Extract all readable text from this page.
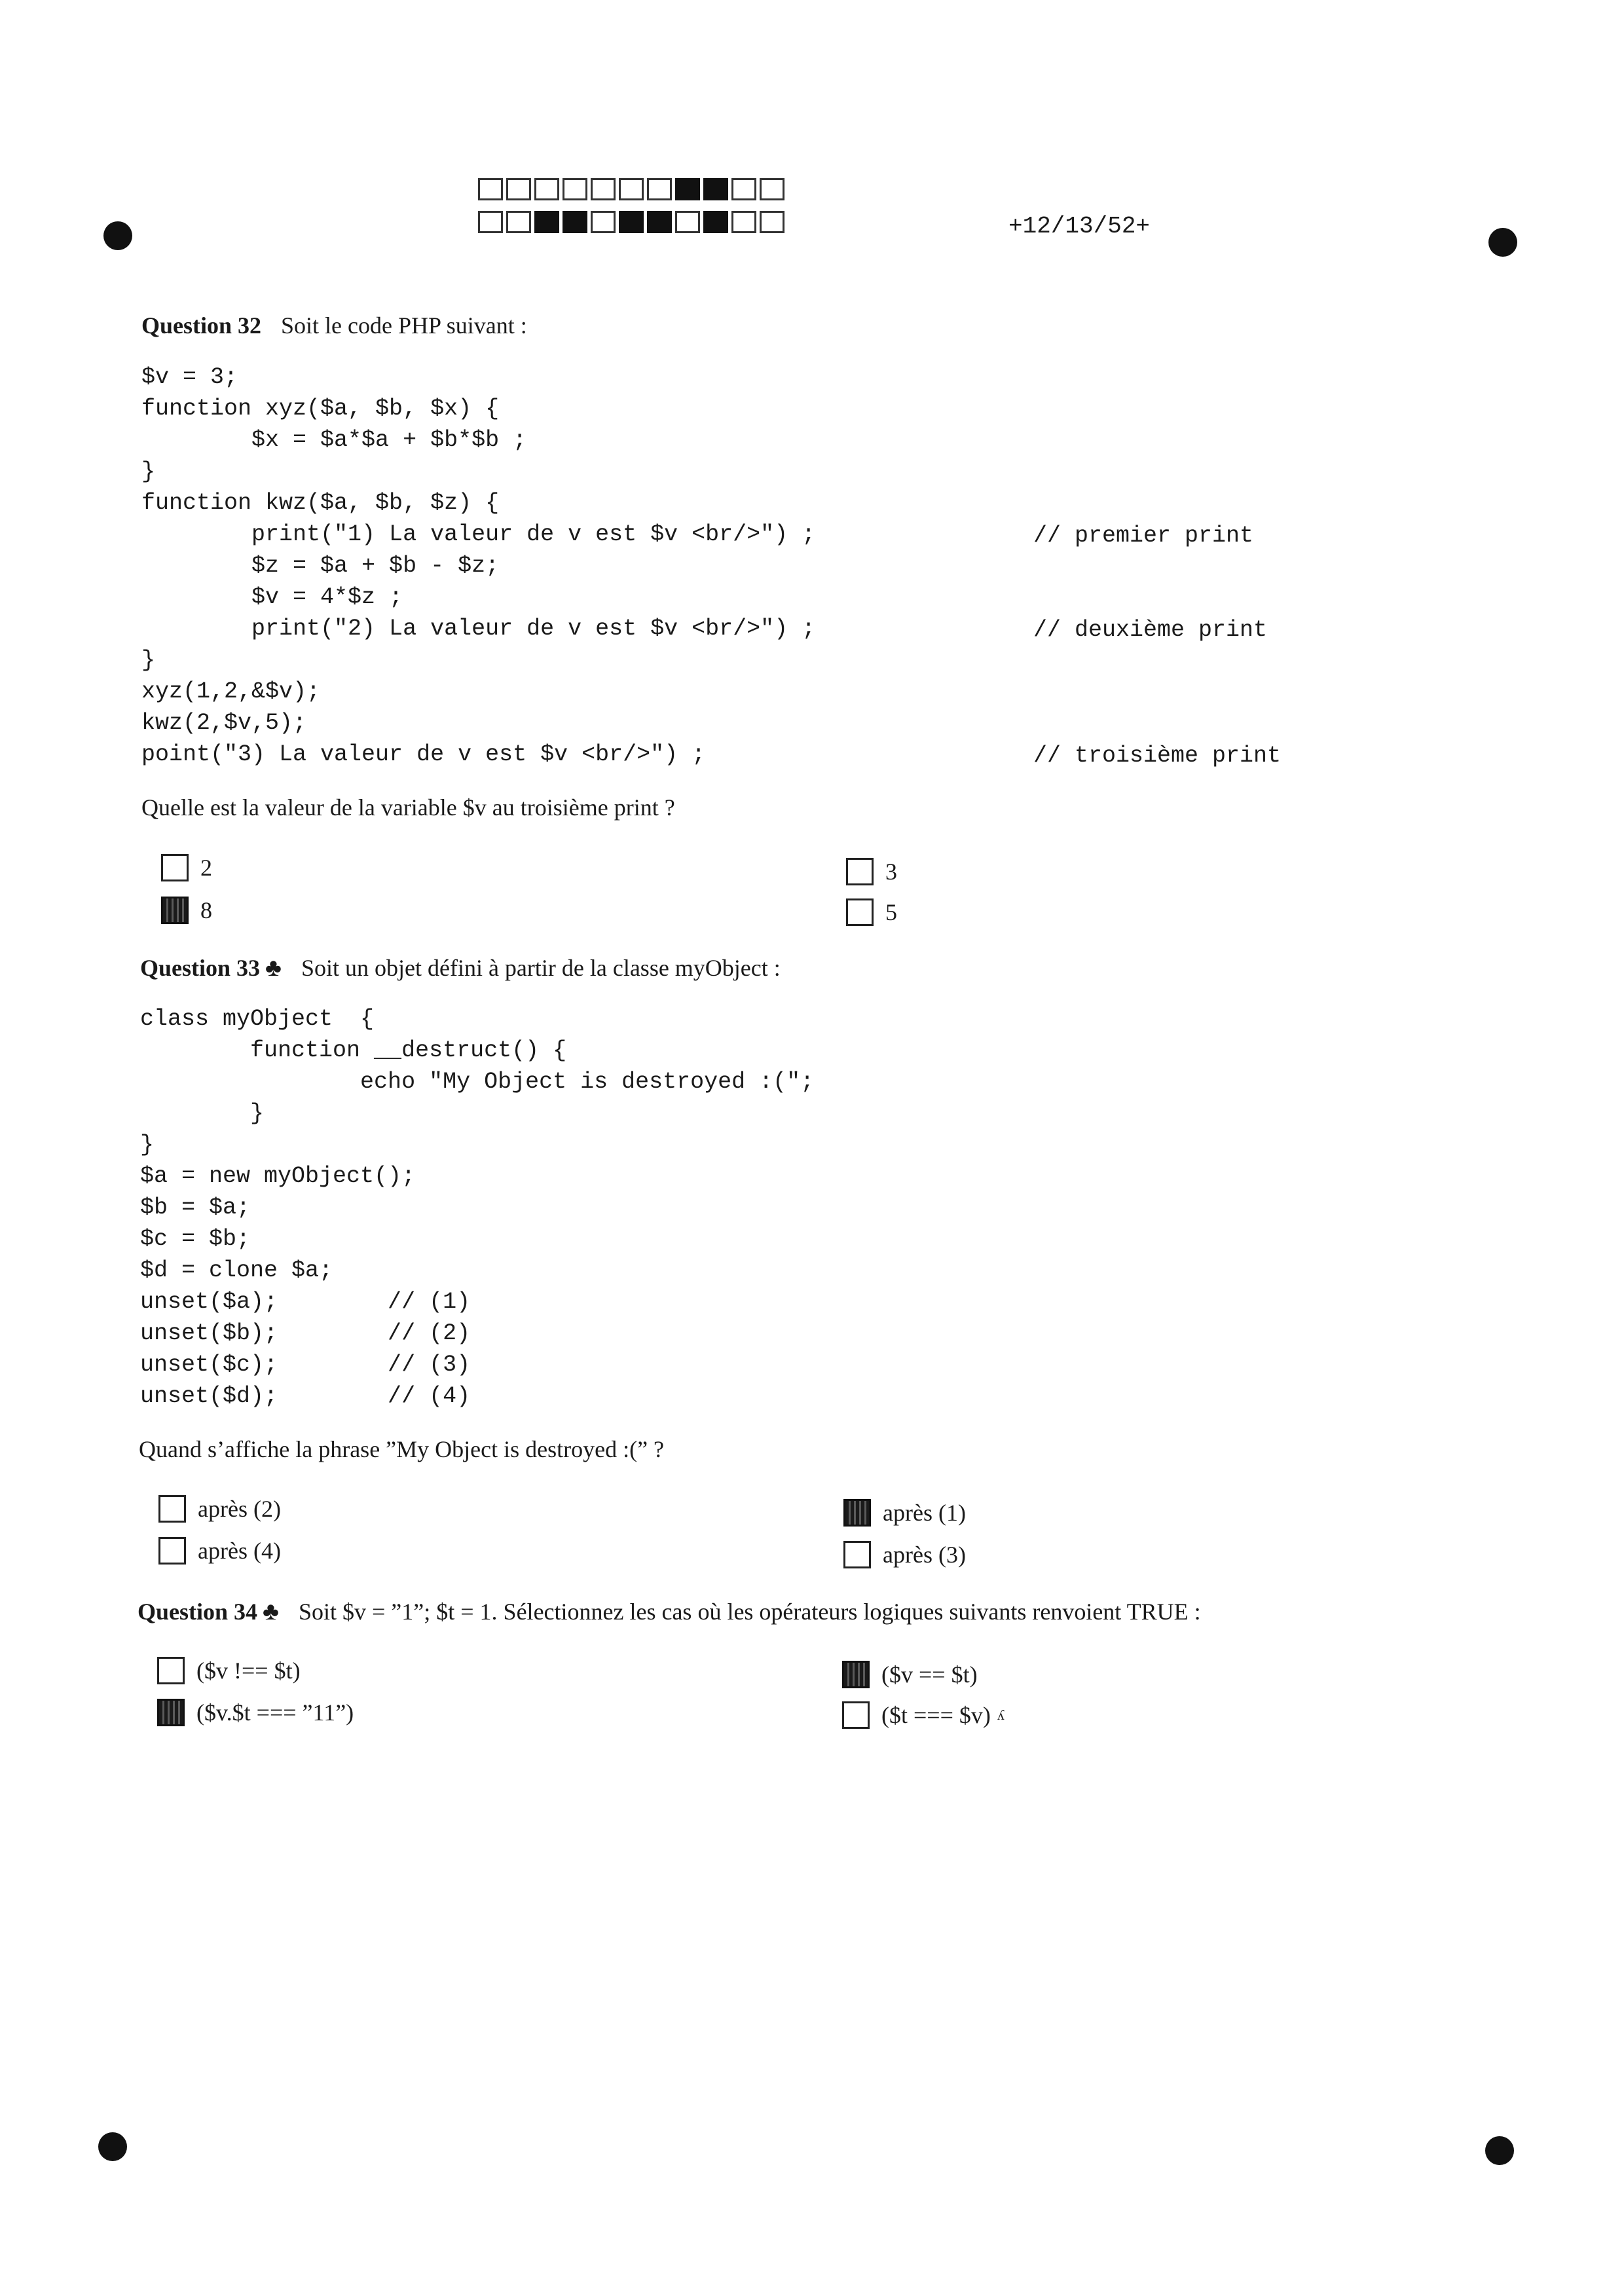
+12/13/52+
Question 32 Soit le code PHP suivant :
$v = 3;
function xyz($a, $b, $x) {
$x = $a*$a + $b*$b ;
}
function kwz($a, $b, $z) {
print("1) La valeur de v est $v <br/>") ;
$z = $a + $b - $z;
$v = 4*$z ;
print("2) La valeur de v est $v <br/>") ;
}
xyz(1,2,&$v);
kwz(2,$v,5);
point("3) La valeur de v est $v <br/>") ;
// premier print
// deuxième print
// troisième print
Quelle est la valeur de la variable $v au troisième print ?
2
8
3
5
Question 33 ♣ Soit un objet défini à partir de la classe myObject :
class myObject  {
function __destruct() {
echo "My Object is destroyed :(";
}
}
$a = new myObject();
$b = $a;
$c = $b;
$d = clone $a;
unset($a);        // (1)
unset($b);        // (2)
unset($c);        // (3)
unset($d);        // (4)
Quand s’affiche la phrase ”My Object is destroyed :(” ?
après (2)
après (4)
après (1)
après (3)
Question 34 ♣ Soit $v = ”1”; $t = 1. Sélectionnez les cas où les opérateurs logiques suivants renvoient TRUE :
($v !== $t)
($v.$t === ”11”)
($v == $t)
($t === $v) ʎ
